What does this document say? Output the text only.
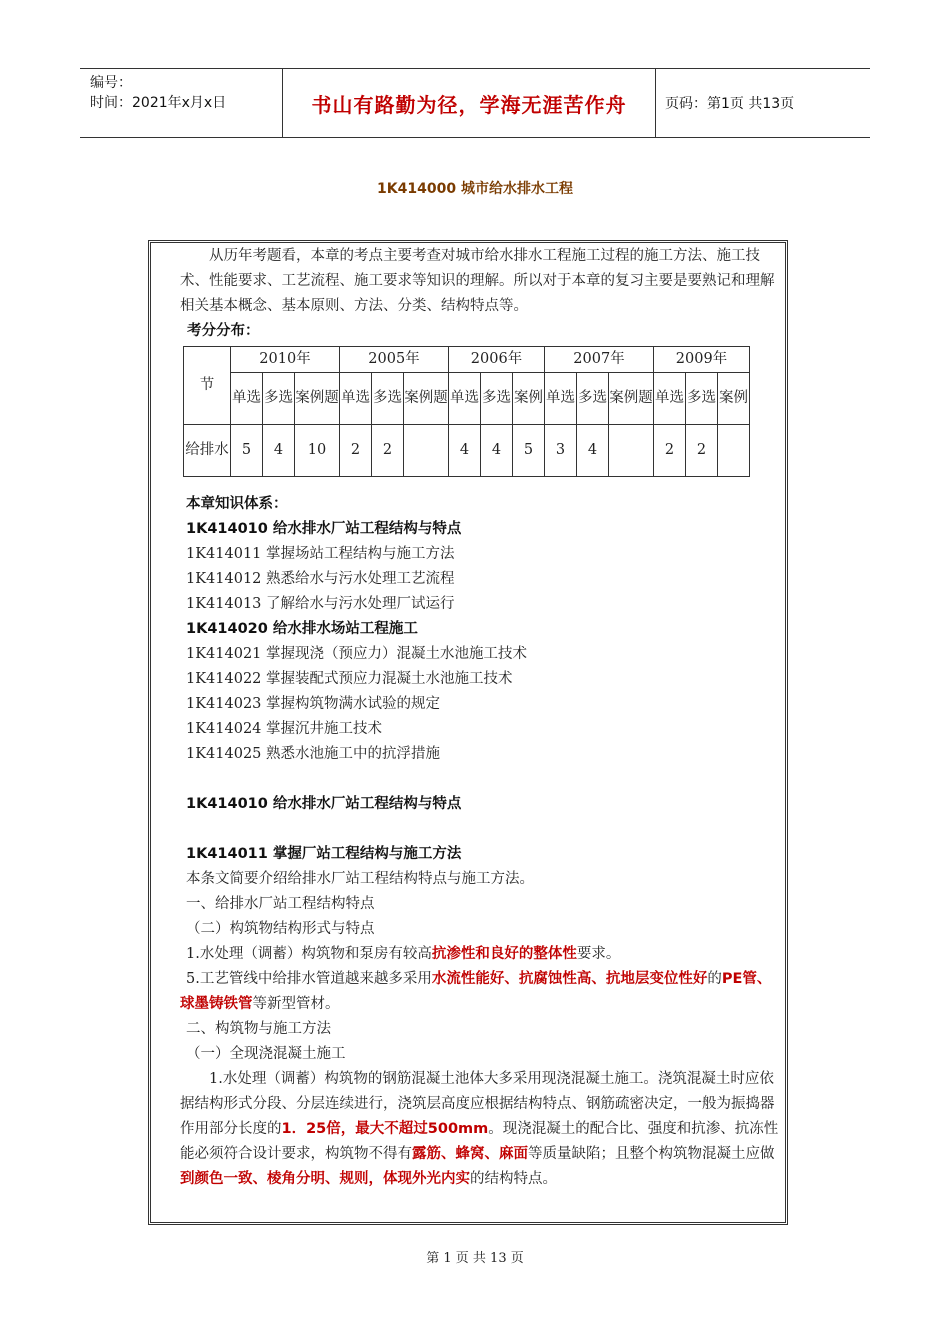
编号：
时间：2021年x月x日	书山有路勤为径，学海无涯苦作舟	页码：第1页 共13页
1K414000 城市给水排水工程

从历年考题看，本章的考点主要考查对城市给水排水工程施工过程的施工方法、施工技术、性能要求、工艺流程、施工要求等知识的理解。所以对于本章的复习主要是要熟记和理解相关基本概念、基本原则、方法、分类、结构特点等。

考分分布：

节	2010年			2005年			2006年			2007年			2009年		
	单选	多选	案例题	单选	多选	案例题	单选	多选	案例	单选	多选	案例题	单选	多选	案例
给排水	5	4	10	2	2		4	4	5	3	4		2	2	

本章知识体系：

1K414010 给水排水厂站工程结构与特点

1K414011 掌握场站工程结构与施工方法

1K414012 熟悉给水与污水处理工艺流程

1K414013 了解给水与污水处理厂试运行

1K414020 给水排水场站工程施工

1K414021 掌握现浇（预应力）混凝土水池施工技术

1K414022 掌握装配式预应力混凝土水池施工技术

1K414023 掌握构筑物满水试验的规定

1K414024 掌握沉井施工技术

1K414025 熟悉水池施工中的抗浮措施

1K414010 给水排水厂站工程结构与特点

1K414011 掌握厂站工程结构与施工方法

本条文简要介绍给排水厂站工程结构特点与施工方法。

一、给排水厂站工程结构特点

（二）构筑物结构形式与特点

1.水处理（调蓄）构筑物和泵房有较高抗渗性和良好的整体性要求。

5.工艺管线中给排水管道越来越多采用水流性能好、抗腐蚀性高、抗地层变位性好的PE管、球墨铸铁管等新型管材。

二、构筑物与施工方法

（一）全现浇混凝土施工

1.水处理（调蓄）构筑物的钢筋混凝土池体大多采用现浇混凝土施工。浇筑混凝土时应依据结构形式分段、分层连续进行，浇筑层高度应根据结构特点、钢筋疏密决定，一般为振捣器作用部分长度的1．25倍，最大不超过500mm。现浇混凝土的配合比、强度和抗渗、抗冻性能必须符合设计要求，构筑物不得有露筋、蜂窝、麻面等质量缺陷；且整个构筑物混凝土应做到颜色一致、棱角分明、规则，体现外光内实的结构特点。

第 1 页 共 13 页
